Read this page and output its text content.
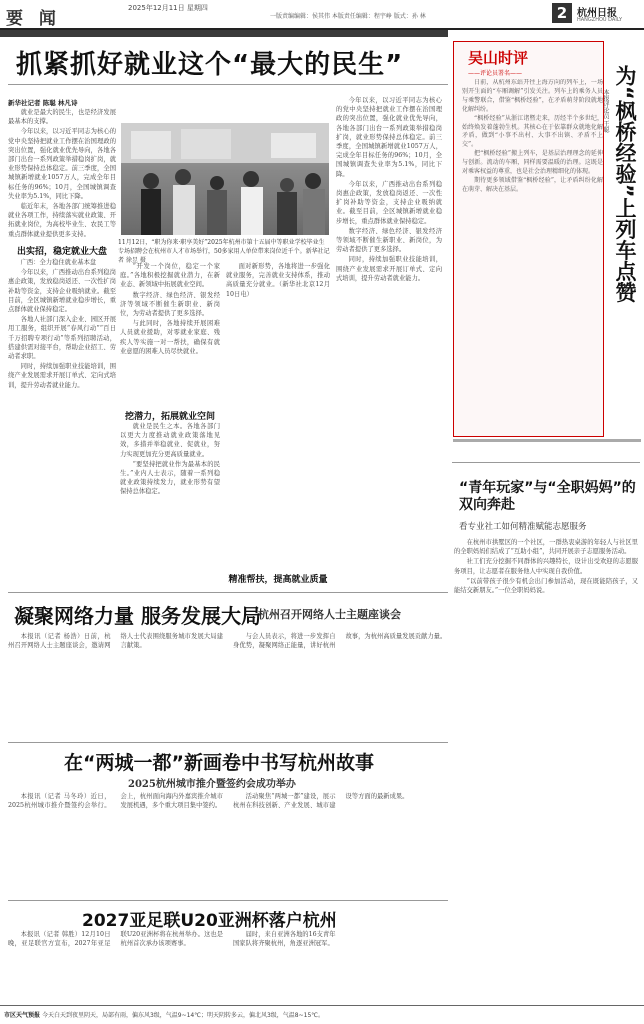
要 闻
2025年12月11日 星期四
一版责编编辑：侯其伟 本版责任编辑：程宇峥 版式：孙 林	2 杭州日报
HANGZHOU DAILY
抓紧抓好就业这个“最大的民生”
新华社记者 陈聪 林凡诗

就业是最大的民生，也是经济发展最基本的支撑。

今年以来，以习近平同志为核心的党中央坚持把就业工作摆在治国理政的突出位置，强化就业优先导向，各地各部门出台一系列政策举措稳岗扩岗，就业形势保持总体稳定。前三季度，全国城镇新增就业1057万人，完成全年目标任务的96%；10月，全国城镇调查失业率为5.1%，同比下降。

临近年末，各地各部门统筹推进稳就业各项工作，持续落实就业政策、开拓就业岗位，为高校毕业生、农民工等重点群体就业提供更多支持。

出实招，稳定就业大盘

广西：全力稳住就业基本盘

今年以来，广西推动出台系列稳岗惠企政策，发放稳岗返还、一次性扩岗补助等资金，支持企业吸纳就业。截至目前，全区城镇新增就业稳步增长，重点群体就业保持稳定。

各地人社部门深入企业、园区开展用工服务，组织开展“春风行动”“百日千万招聘专项行动”等系列招聘活动，搭建供需对接平台，帮助企业招工、劳动者求职。

同时，持续加强职业技能培训，围绕产业发展需求开展订单式、定向式培训，提升劳动者就业能力。

11月12日，“职为你来·职享美好”2025年杭州市第十五届中等职业学校毕业生专场招聘会在杭州市人才市场举行，50多家用人单位带来岗位近千个。新华社记者 徐昱 摄
挖潜力，拓展就业空间

“开发一个岗位，稳定一个家庭。”各地积极挖掘就业潜力，在新业态、新领域中拓展就业空间。

数字经济、绿色经济、银发经济等领域不断催生新职业、新岗位，为劳动者提供了更多选择。

与此同时，各地持续开展困难人员就业援助，对零就业家庭、残疾人等实施一对一帮扶，确保有就业意愿的困难人员尽快就业。

就业是民生之本。各地各部门以更大力度推动就业政策落地见效，多措并举稳就业、促就业，努力实现更加充分更高质量就业。

“要坚持把就业作为最基本的民生。”业内人士表示，随着一系列稳就业政策持续发力，就业形势有望保持总体稳定。

面对新形势，各地将进一步强化就业服务，完善就业支持体系，推动高质量充分就业。（新华社北京12月10日电）

精准帮扶，提高就业质量

今年以来，以习近平同志为核心的党中央坚持把就业工作摆在治国理政的突出位置，强化就业优先导向，各地各部门出台一系列政策举措稳岗扩岗，就业形势保持总体稳定。前三季度，全国城镇新增就业1057万人，完成全年目标任务的96%；10月，全国城镇调查失业率为5.1%，同比下降。

今年以来，广西推动出台系列稳岗惠企政策，发放稳岗返还、一次性扩岗补助等资金，支持企业吸纳就业。截至目前，全区城镇新增就业稳步增长，重点群体就业保持稳定。

数字经济、绿色经济、银发经济等领域不断催生新职业、新岗位，为劳动者提供了更多选择。

同时，持续加强职业技能培训，围绕产业发展需求开展订单式、定向式培训，提升劳动者就业能力。

吴山时评
——评论员署名——

日前，从杭州东站开往上海方向的列车上，一场别开生面的“车厢调解”引发关注。列车上的乘务人员与乘警联合，借鉴“枫桥经验”，在矛盾萌芽阶段就地化解纠纷。

“枫桥经验”从浙江诸暨走来，历经半个多世纪，始终焕发着蓬勃生机。其核心在于依靠群众就地化解矛盾，做到“小事不出村、大事不出镇、矛盾不上交”。

把“枫桥经验”搬上列车，是基层治理理念的延伸与创新。流动的车厢，同样需要温暖的治理。这既是对乘客权益的尊重，也是社会治理精细化的体现。

期待更多领域借鉴“枫桥经验”，让矛盾纠纷化解在萌芽、解决在基层。	为“枫桥经验”上列车点赞
本报评论员 王聪
“青年玩家”与“全职妈妈”的双向奔赴
看专业社工如何精准赋能志愿服务

在杭州市拱墅区的一个社区，一群热衷桌游的年轻人与社区里的全职妈妈们结成了“互助小组”，共同开展亲子志愿服务活动。

社工们充分挖掘不同群体的兴趣特长，设计出受欢迎的志愿服务项目，让志愿者在服务他人中实现自我价值。

“以前带孩子很少有机会出门参加活动，现在既能陪孩子，又能结交新朋友。”一位全职妈妈说。

凝聚网络力量 服务发展大局
杭州召开网络人士主题座谈会

本报讯（记者 杨浩）日前，杭州召开网络人士主题座谈会，邀请网络人士代表围绕服务城市发展大局建言献策。

与会人员表示，将进一步发挥自身优势，凝聚网络正能量，讲好杭州故事，为杭州高质量发展贡献力量。

在“两城一都”新画卷中书写杭州故事
2025杭州城市推介暨签约会成功举办

本报讯（记者 马冬玲）近日，2025杭州城市推介暨签约会举行。会上，杭州面向海内外嘉宾推介城市发展机遇，多个重大项目集中签约。

活动聚焦“两城一都”建设，展示杭州在科技创新、产业发展、城市建设等方面的最新成果。

2027亚足联U20亚洲杯落户杭州

本报讯（记者 韩胜）12月10日晚，亚足联官方宣布，2027年亚足联U20亚洲杯将在杭州举办。这也是杭州首次承办该项赛事。

届时，来自亚洲各地的16支青年国家队将齐聚杭州，角逐亚洲冠军。

市区天气预报 今天白天到夜里阴天，局部有雨，偏东风3级，气温9~14℃；明天阴转多云，偏北风3级，气温8~15℃。
